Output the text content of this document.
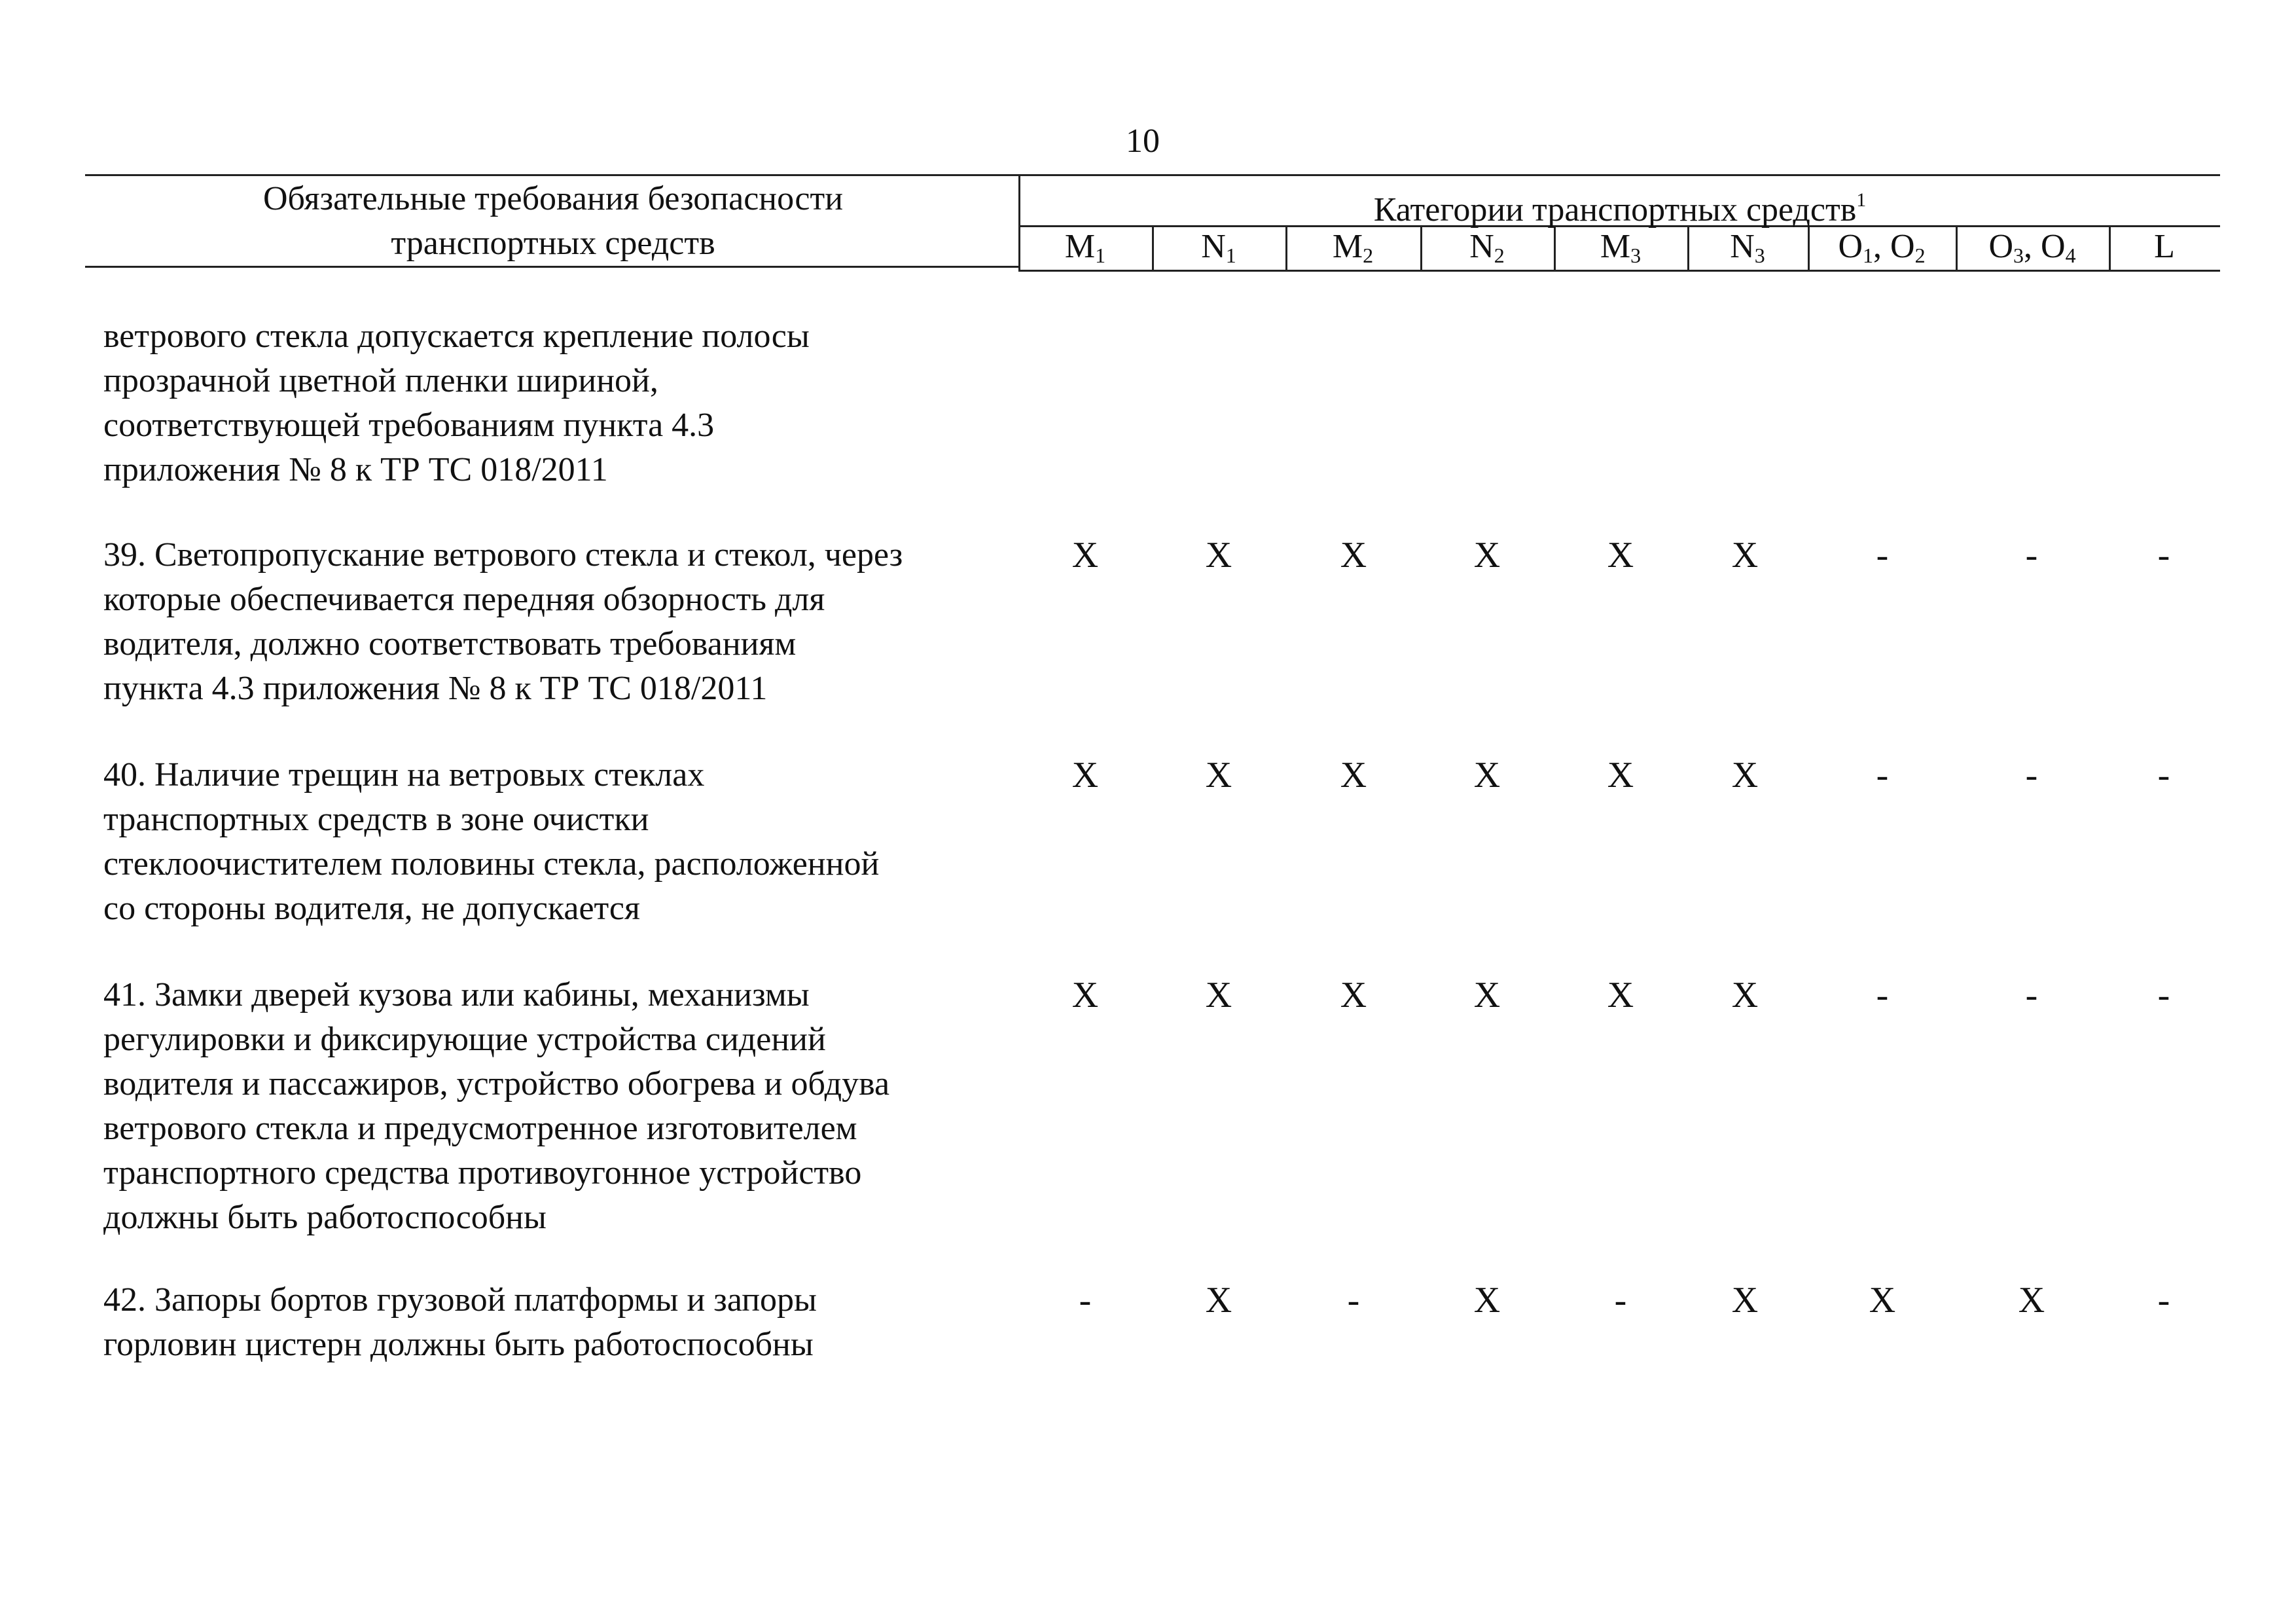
10
Обязательные требования безопасности
транспортных средств
Категории транспортных средств$^1$
$M_1$	$N_1$	$M_2$	$N_2$	$M_3$	$N_3$	$O_1$, $O_2$	$O_3$, $O_4$	L
ветрового стекла допускается крепление полосы
прозрачной цветной пленки шириной,
соответствующей требованиям пункта 4.3
приложения № 8 к ТР ТС 018/2011
39. Светопропускание ветрового стекла и стекол, через
которые обеспечивается передняя обзорность для
водителя, должно соответствовать требованиям
пункта 4.3 приложения № 8 к ТР ТС 018/2011
X	X	X	X	X	X	-	-	-
40. Наличие трещин на ветровых стеклах
транспортных средств в зоне очистки
стеклоочистителем половины стекла, расположенной
со стороны водителя, не допускается
X	X	X	X	X	X	-	-	-
41. Замки дверей кузова или кабины, механизмы
регулировки и фиксирующие устройства сидений
водителя и пассажиров, устройство обогрева и обдува
ветрового стекла и предусмотренное изготовителем
транспортного средства противоугонное устройство
должны быть работоспособны
X	X	X	X	X	X	-	-	-
42. Запоры бортов грузовой платформы и запоры
горловин цистерн должны быть работоспособны
-	X	-	X	-	X	X	X	-
